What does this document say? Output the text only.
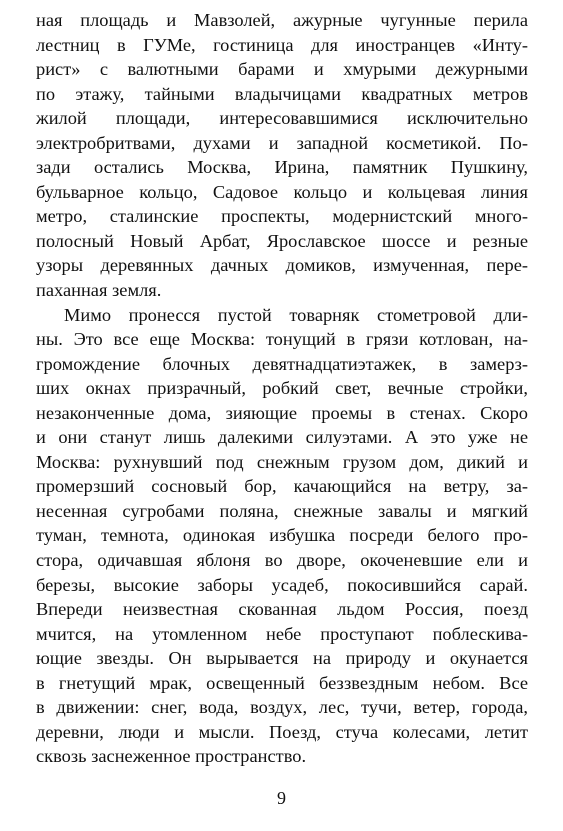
ная площадь и Мавзолей, ажурные чугунные перила
лестниц в ГУМе, гостиница для иностранцев «Инту-
рист» с валютными барами и хмурыми дежурными
по этажу, тайными владычицами квадратных метров
жилой площади, интересовавшимися исключительно
электробритвами, духами и западной косметикой. По-
зади остались Москва, Ирина, памятник Пушкину,
бульварное кольцо, Садовое кольцо и кольцевая линия
метро, сталинские проспекты, модернистский много-
полосный Новый Арбат, Ярославское шоссе и резные
узоры деревянных дачных домиков, измученная, пере-
паханная земля.
Мимо пронесся пустой товарняк стометровой дли-
ны. Это все еще Москва: тонущий в грязи котлован, на-
громождение блочных девятнадцатиэтажек, в замерз-
ших окнах призрачный, робкий свет, вечные стройки,
незаконченные дома, зияющие проемы в стенах. Скоро
и они станут лишь далекими силуэтами. А это уже не
Москва: рухнувший под снежным грузом дом, дикий и
промерзший сосновый бор, качающийся на ветру, за-
несенная сугробами поляна, снежные завалы и мягкий
туман, темнота, одинокая избушка посреди белого про-
стора, одичавшая яблоня во дворе, окоченевшие ели и
березы, высокие заборы усадеб, покосившийся сарай.
Впереди неизвестная скованная льдом Россия, поезд
мчится, на утомленном небе проступают поблескива-
ющие звезды. Он вырывается на природу и окунается
в гнетущий мрак, освещенный беззвездным небом. Все
в движении: снег, вода, воздух, лес, тучи, ветер, города,
деревни, люди и мысли. Поезд, стуча колесами, летит
сквозь заснеженное пространство.
9
